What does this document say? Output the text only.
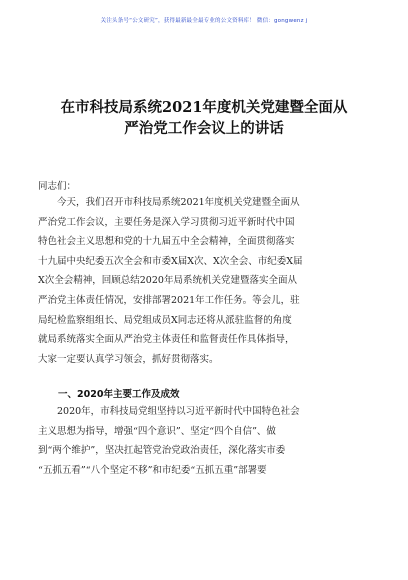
关注头条号“公文研究”，获得最新最全最专业的公文资料库！ 微信：gongwenz j
在市科技局系统2021年度机关党建暨全面从
严治党工作会议上的讲话
同志们：
　　今天，我们召开市科技局系统2021年度机关党建暨全面从
严治党工作会议，主要任务是深入学习贯彻习近平新时代中国
特色社会主义思想和党的十九届五中全会精神，全面贯彻落实
十九届中央纪委五次全会和市委X届X次、X次全会、市纪委X届
X次全会精神，回顾总结2020年局系统机关党建暨落实全面从
严治党主体责任情况，安排部署2021年工作任务。等会儿，驻
局纪检监察组组长、局党组成员X同志还将从派驻监督的角度
就局系统落实全面从严治党主体责任和监督责任作具体指导，
大家一定要认真学习领会，抓好贯彻落实。
一、2020年主要工作及成效
　　2020年，市科技局党组坚持以习近平新时代中国特色社会
主义思想为指导，增强“四个意识”、坚定“四个自信”、做
到“两个维护”，坚决扛起管党治党政治责任，深化落实市委
“五抓五看”“八个坚定不移”和市纪委“五抓五重”部署要
